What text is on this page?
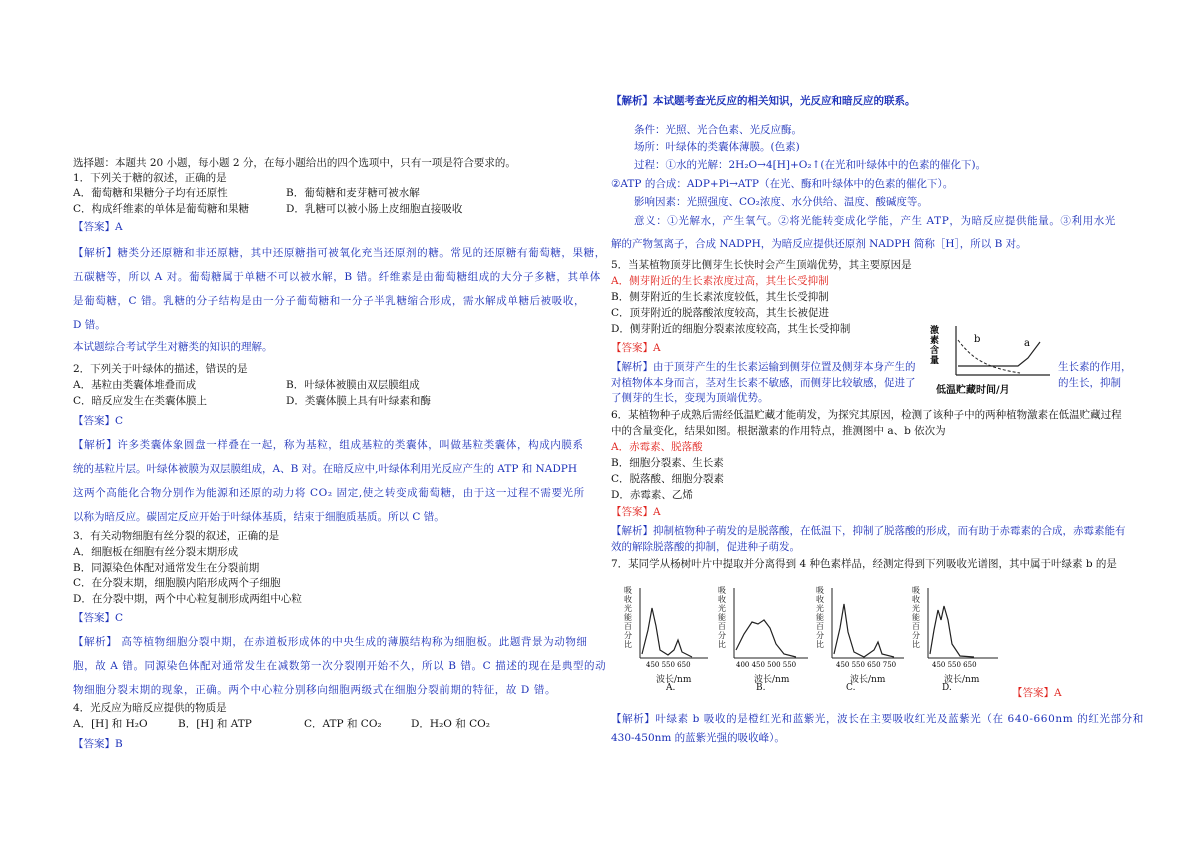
选择题：本题共 20 小题，每小题 2 分，在每小题给出的四个选项中，只有一项是符合要求的。
1．下列关于糖的叙述，正确的是
A．葡萄糖和果糖分子均有还原性	B．葡萄糖和麦芽糖可被水解
C．构成纤维素的单体是葡萄糖和果糖	D．乳糖可以被小肠上皮细胞直接吸收
【答案】A
【解析】糖类分还原糖和非还原糖，其中还原糖指可被氧化充当还原剂的糖。常见的还原糖有葡萄糖，果糖，
五碳糖等，所以 A 对。葡萄糖属于单糖不可以被水解，B 错。纤维素是由葡萄糖组成的大分子多糖，其单体
是葡萄糖，C 错。乳糖的分子结构是由一分子葡萄糖和一分子半乳糖缩合形成，需水解成单糖后被吸收，
D 错。
本试题综合考试学生对糖类的知识的理解。
2．下列关于叶绿体的描述，错误的是
A．基粒由类囊体堆叠而成	B．叶绿体被膜由双层膜组成
C．暗反应发生在类囊体膜上	D．类囊体膜上具有叶绿素和酶
【答案】C
【解析】许多类囊体象圆盘一样叠在一起，称为基粒，组成基粒的类囊体，叫做基粒类囊体，构成内膜系
统的基粒片层。叶绿体被膜为双层膜组成，A、B 对。在暗反应中,叶绿体利用光反应产生的 ATP 和 NADPH
这两个高能化合物分别作为能源和还原的动力将 CO₂ 固定,使之转变成葡萄糖，由于这一过程不需要光所
以称为暗反应。碳固定反应开始于叶绿体基质，结束于细胞质基质。所以 C 错。
3．有关动物细胞有丝分裂的叙述，正确的是
A．细胞板在细胞有丝分裂末期形成
B．同源染色体配对通常发生在分裂前期
C．在分裂末期，细胞膜内陷形成两个子细胞
D．在分裂中期，两个中心粒复制形成两组中心粒
【答案】C
【解析】 高等植物细胞分裂中期，在赤道板形成体的中央生成的薄膜结构称为细胞板。此题背景为动物细
胞，故 A 错。同源染色体配对通常发生在减数第一次分裂刚开始不久，所以 B 错。C 描述的现在是典型的动
物细胞分裂末期的现象，正确。两个中心粒分别移向细胞两级式在细胞分裂前期的特征，故 D 错。
4．光反应为暗反应提供的物质是
A．[H] 和 H₂O	B．[H] 和 ATP	C．ATP 和 CO₂	D．H₂O 和 CO₂
【答案】B
【解析】本试题考查光反应的相关知识，光反应和暗反应的联系。
条件：光照、光合色素、光反应酶。
场所：叶绿体的类囊体薄膜。(色素)
过程：①水的光解：2H₂O→4[H]+O₂↑(在光和叶绿体中的色素的催化下)。
②ATP 的合成：ADP+Pi→ATP（在光、酶和叶绿体中的色素的催化下）。
影响因素：光照强度、CO₂浓度、水分供给、温度、酸碱度等。
意义：①光解水，产生氧气。②将光能转变成化学能，产生 ATP，为暗反应提供能量。③利用水光
解的产物氢离子，合成 NADPH，为暗反应提供还原剂 NADPH 简称［H］，所以 B 对。
5．当某植物顶芽比侧芽生长快时会产生顶端优势，其主要原因是
A．侧芽附近的生长素浓度过高，其生长受抑制
B．侧芽附近的生长素浓度较低，其生长受抑制
C．顶芽附近的脱落酸浓度较高，其生长被促进
D．侧芽附近的细胞分裂素浓度较高，其生长受抑制
【答案】A
【解析】由于顶芽产生的生长素运输到侧芽位置及侧芽本身产生的	生长素的作用，
对植物体本身而言，茎对生长素不敏感，而侧芽比较敏感，促进了	的生长，抑制
了侧芽的生长，变现为顶端优势。
b	a
激素含量
低温贮藏时间/月
6．某植物种子成熟后需经低温贮藏才能萌发，为探究其原因，检测了该种子中的两种植物激素在低温贮藏过程
中的含量变化，结果如图。根据激素的作用特点，推测图中 a、b 依次为
A．赤霉素、脱落酸
B．细胞分裂素、生长素
C．脱落酸、细胞分裂素
D．赤霉素、乙烯
【答案】A
【解析】抑制植物种子萌发的是脱落酸，在低温下，抑制了脱落酸的形成，而有助于赤霉素的合成，赤霉素能有
效的解除脱落酸的抑制，促进种子萌发。
7．某同学从杨树叶片中提取并分离得到 4 种色素样品，经测定得到下列吸收光谱图，其中属于叶绿素 b 的是
450 550 650
波长/nm
A.
吸收光能百分比
400 450 500 550
波长/nm
B.
吸收光能百分比
450 550 650 750
波长/nm
C.
吸收光能百分比
450 550 650
波长/nm
D.
吸收光能百分比
【答案】A
【解析】叶绿素 b 吸收的是橙红光和蓝紫光，波长在主要吸收红光及蓝紫光（在 640-660nm 的红光部分和
430-450nm 的蓝紫光强的吸收峰）。
